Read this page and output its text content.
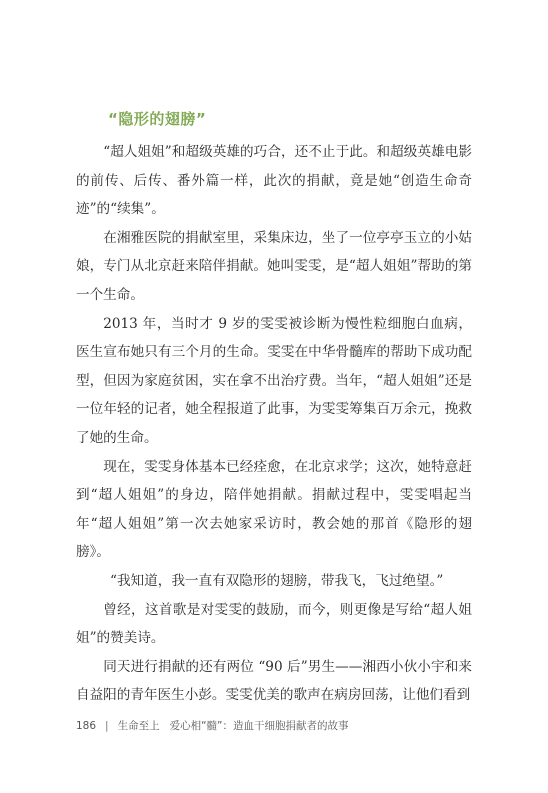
“隐形的翅膀”

“超人姐姐”和超级英雄的巧合，还不止于此。和超级英雄电影的前传、后传、番外篇一样，此次的捐献，竟是她“创造生命奇迹”的“续集”。

在湘雅医院的捐献室里，采集床边，坐了一位亭亭玉立的小姑娘，专门从北京赶来陪伴捐献。她叫雯雯，是“超人姐姐”帮助的第一个生命。

2013 年，当时才 9 岁的雯雯被诊断为慢性粒细胞白血病，医生宣布她只有三个月的生命。雯雯在中华骨髓库的帮助下成功配型，但因为家庭贫困，实在拿不出治疗费。当年，“超人姐姐”还是一位年轻的记者，她全程报道了此事，为雯雯筹集百万余元，挽救了她的生命。

现在，雯雯身体基本已经痊愈，在北京求学；这次，她特意赶到“超人姐姐”的身边，陪伴她捐献。捐献过程中，雯雯唱起当年“超人姐姐”第一次去她家采访时，教会她的那首《隐形的翅膀》。

“我知道，我一直有双隐形的翅膀，带我飞，飞过绝望。”

曾经，这首歌是对雯雯的鼓励，而今，则更像是写给“超人姐姐”的赞美诗。

同天进行捐献的还有两位 “90 后”男生——湘西小伙小宇和来自益阳的青年医生小彭。雯雯优美的歌声在病房回荡，让他们看到

186 | 生命至上 爱心相“髓”：造血干细胞捐献者的故事
